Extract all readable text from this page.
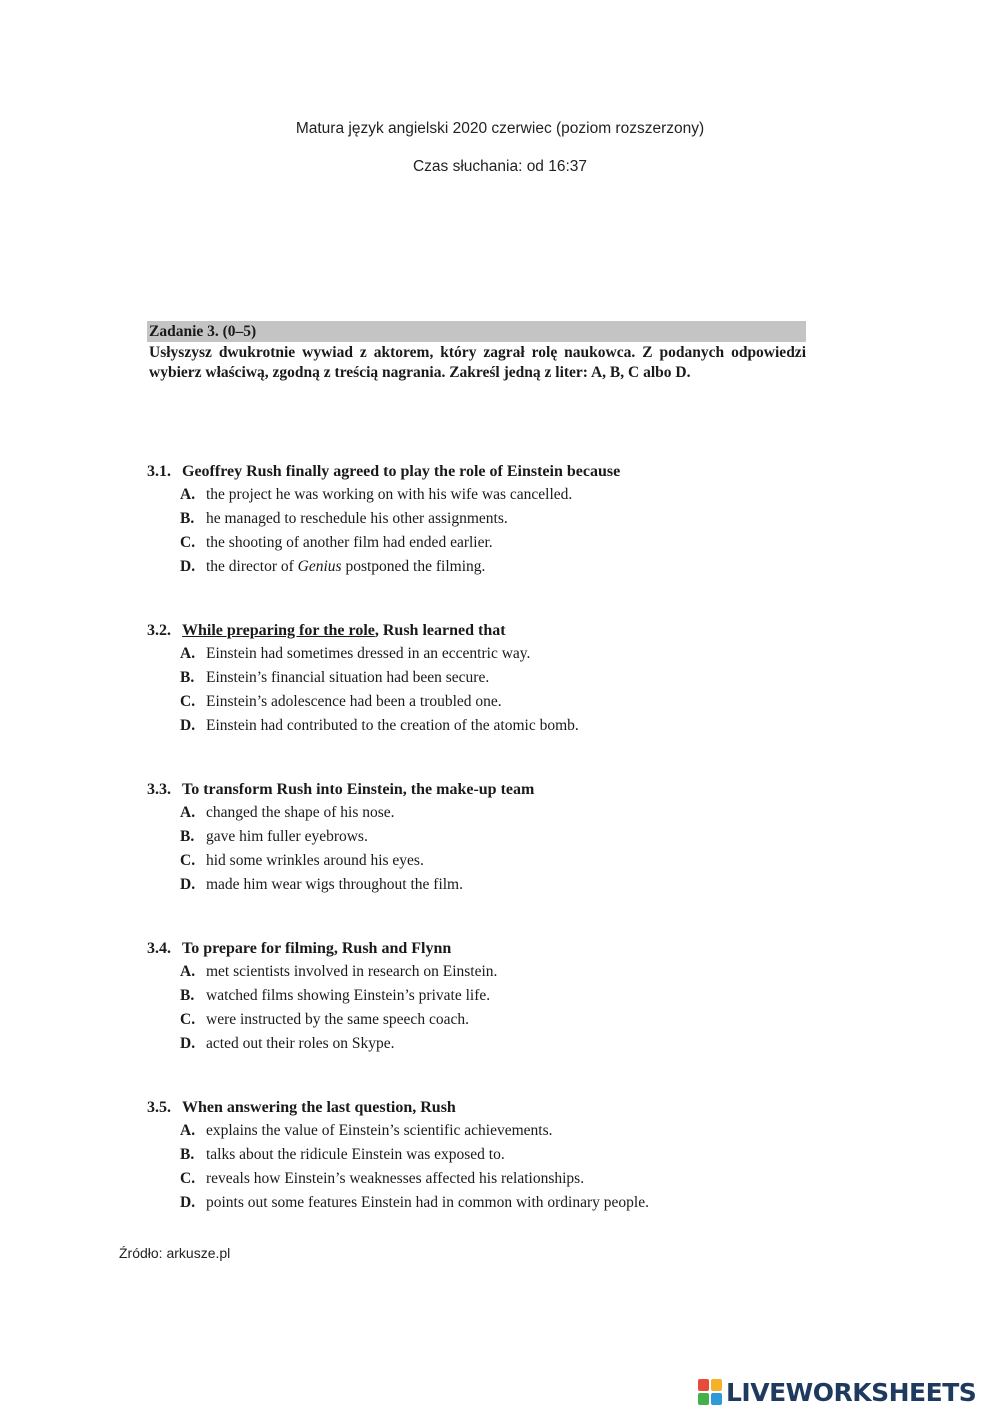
Matura język angielski 2020 czerwiec (poziom rozszerzony)
Czas słuchania: od 16:37
Zadanie 3. (0–5)
Usłyszysz dwukrotnie wywiad z aktorem, który zagrał rolę naukowca. Z podanych odpowiedzi wybierz właściwą, zgodną z treścią nagrania. Zakreśl jedną z liter: A, B, C albo D.
3.1. Geoffrey Rush finally agreed to play the role of Einstein because
A. the project he was working on with his wife was cancelled.
B. he managed to reschedule his other assignments.
C. the shooting of another film had ended earlier.
D. the director of Genius postponed the filming.
3.2. While preparing for the role, Rush learned that
A. Einstein had sometimes dressed in an eccentric way.
B. Einstein’s financial situation had been secure.
C. Einstein’s adolescence had been a troubled one.
D. Einstein had contributed to the creation of the atomic bomb.
3.3. To transform Rush into Einstein, the make-up team
A. changed the shape of his nose.
B. gave him fuller eyebrows.
C. hid some wrinkles around his eyes.
D. made him wear wigs throughout the film.
3.4. To prepare for filming, Rush and Flynn
A. met scientists involved in research on Einstein.
B. watched films showing Einstein’s private life.
C. were instructed by the same speech coach.
D. acted out their roles on Skype.
3.5. When answering the last question, Rush
A. explains the value of Einstein’s scientific achievements.
B. talks about the ridicule Einstein was exposed to.
C. reveals how Einstein’s weaknesses affected his relationships.
D. points out some features Einstein had in common with ordinary people.
Źródło: arkusze.pl
LIVEWORKSHEETS
